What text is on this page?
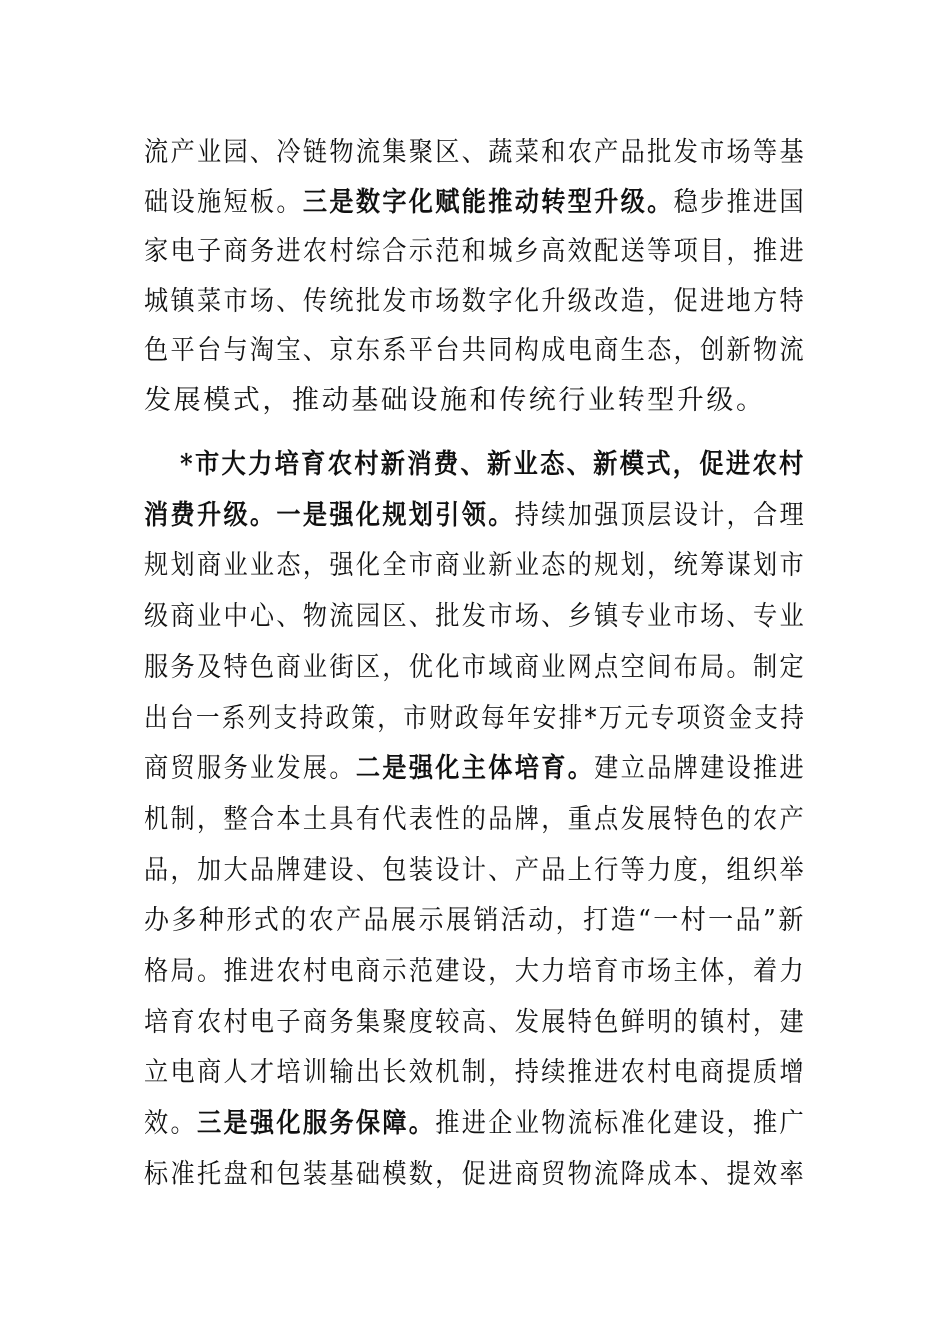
流产业园、冷链物流集聚区、蔬菜和农产品批发市场等基
础设施短板。三是数字化赋能推动转型升级。稳步推进国
家电子商务进农村综合示范和城乡高效配送等项目，推进
城镇菜市场、传统批发市场数字化升级改造，促进地方特
色平台与淘宝、京东系平台共同构成电商生态，创新物流
发展模式，推动基础设施和传统行业转型升级。
*市大力培育农村新消费、新业态、新模式，促进农村
消费升级。一是强化规划引领。持续加强顶层设计，合理
规划商业业态，强化全市商业新业态的规划，统筹谋划市
级商业中心、物流园区、批发市场、乡镇专业市场、专业
服务及特色商业街区，优化市域商业网点空间布局。制定
出台一系列支持政策，市财政每年安排*万元专项资金支持
商贸服务业发展。二是强化主体培育。建立品牌建设推进
机制，整合本土具有代表性的品牌，重点发展特色的农产
品，加大品牌建设、包装设计、产品上行等力度，组织举
办多种形式的农产品展示展销活动，打造“一村一品”新
格局。推进农村电商示范建设，大力培育市场主体，着力
培育农村电子商务集聚度较高、发展特色鲜明的镇村，建
立电商人才培训输出长效机制，持续推进农村电商提质增
效。三是强化服务保障。推进企业物流标准化建设，推广
标准托盘和包装基础模数，促进商贸物流降成本、提效率
